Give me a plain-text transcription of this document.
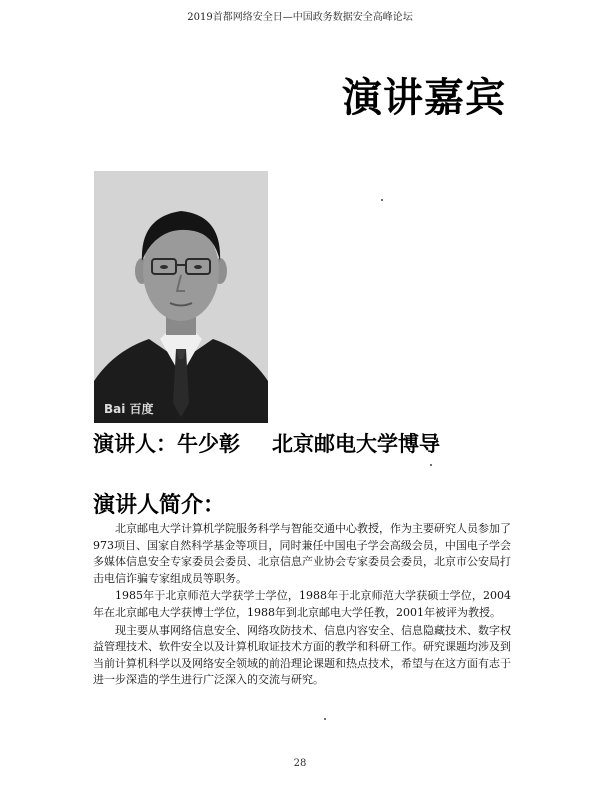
2019首都网络安全日—中国政务数据安全高峰论坛
演讲嘉宾
Bai 百度
演讲人：牛少彰 北京邮电大学博导
演讲人简介：

北京邮电大学计算机学院服务科学与智能交通中心教授，作为主要研究人员参加了973项目、国家自然科学基金等项目，同时兼任中国电子学会高级会员，中国电子学会多媒体信息安全专家委员会委员、北京信息产业协会专家委员会委员，北京市公安局打击电信诈骗专家组成员等职务。

1985年于北京师范大学获学士学位，1988年于北京师范大学获硕士学位，2004年在北京邮电大学获博士学位，1988年到北京邮电大学任教，2001年被评为教授。

现主要从事网络信息安全、网络攻防技术、信息内容安全、信息隐藏技术、数字权益管理技术、软件安全以及计算机取证技术方面的教学和科研工作。研究课题均涉及到当前计算机科学以及网络安全领域的前沿理论课题和热点技术，希望与在这方面有志于进一步深造的学生进行广泛深入的交流与研究。

28
